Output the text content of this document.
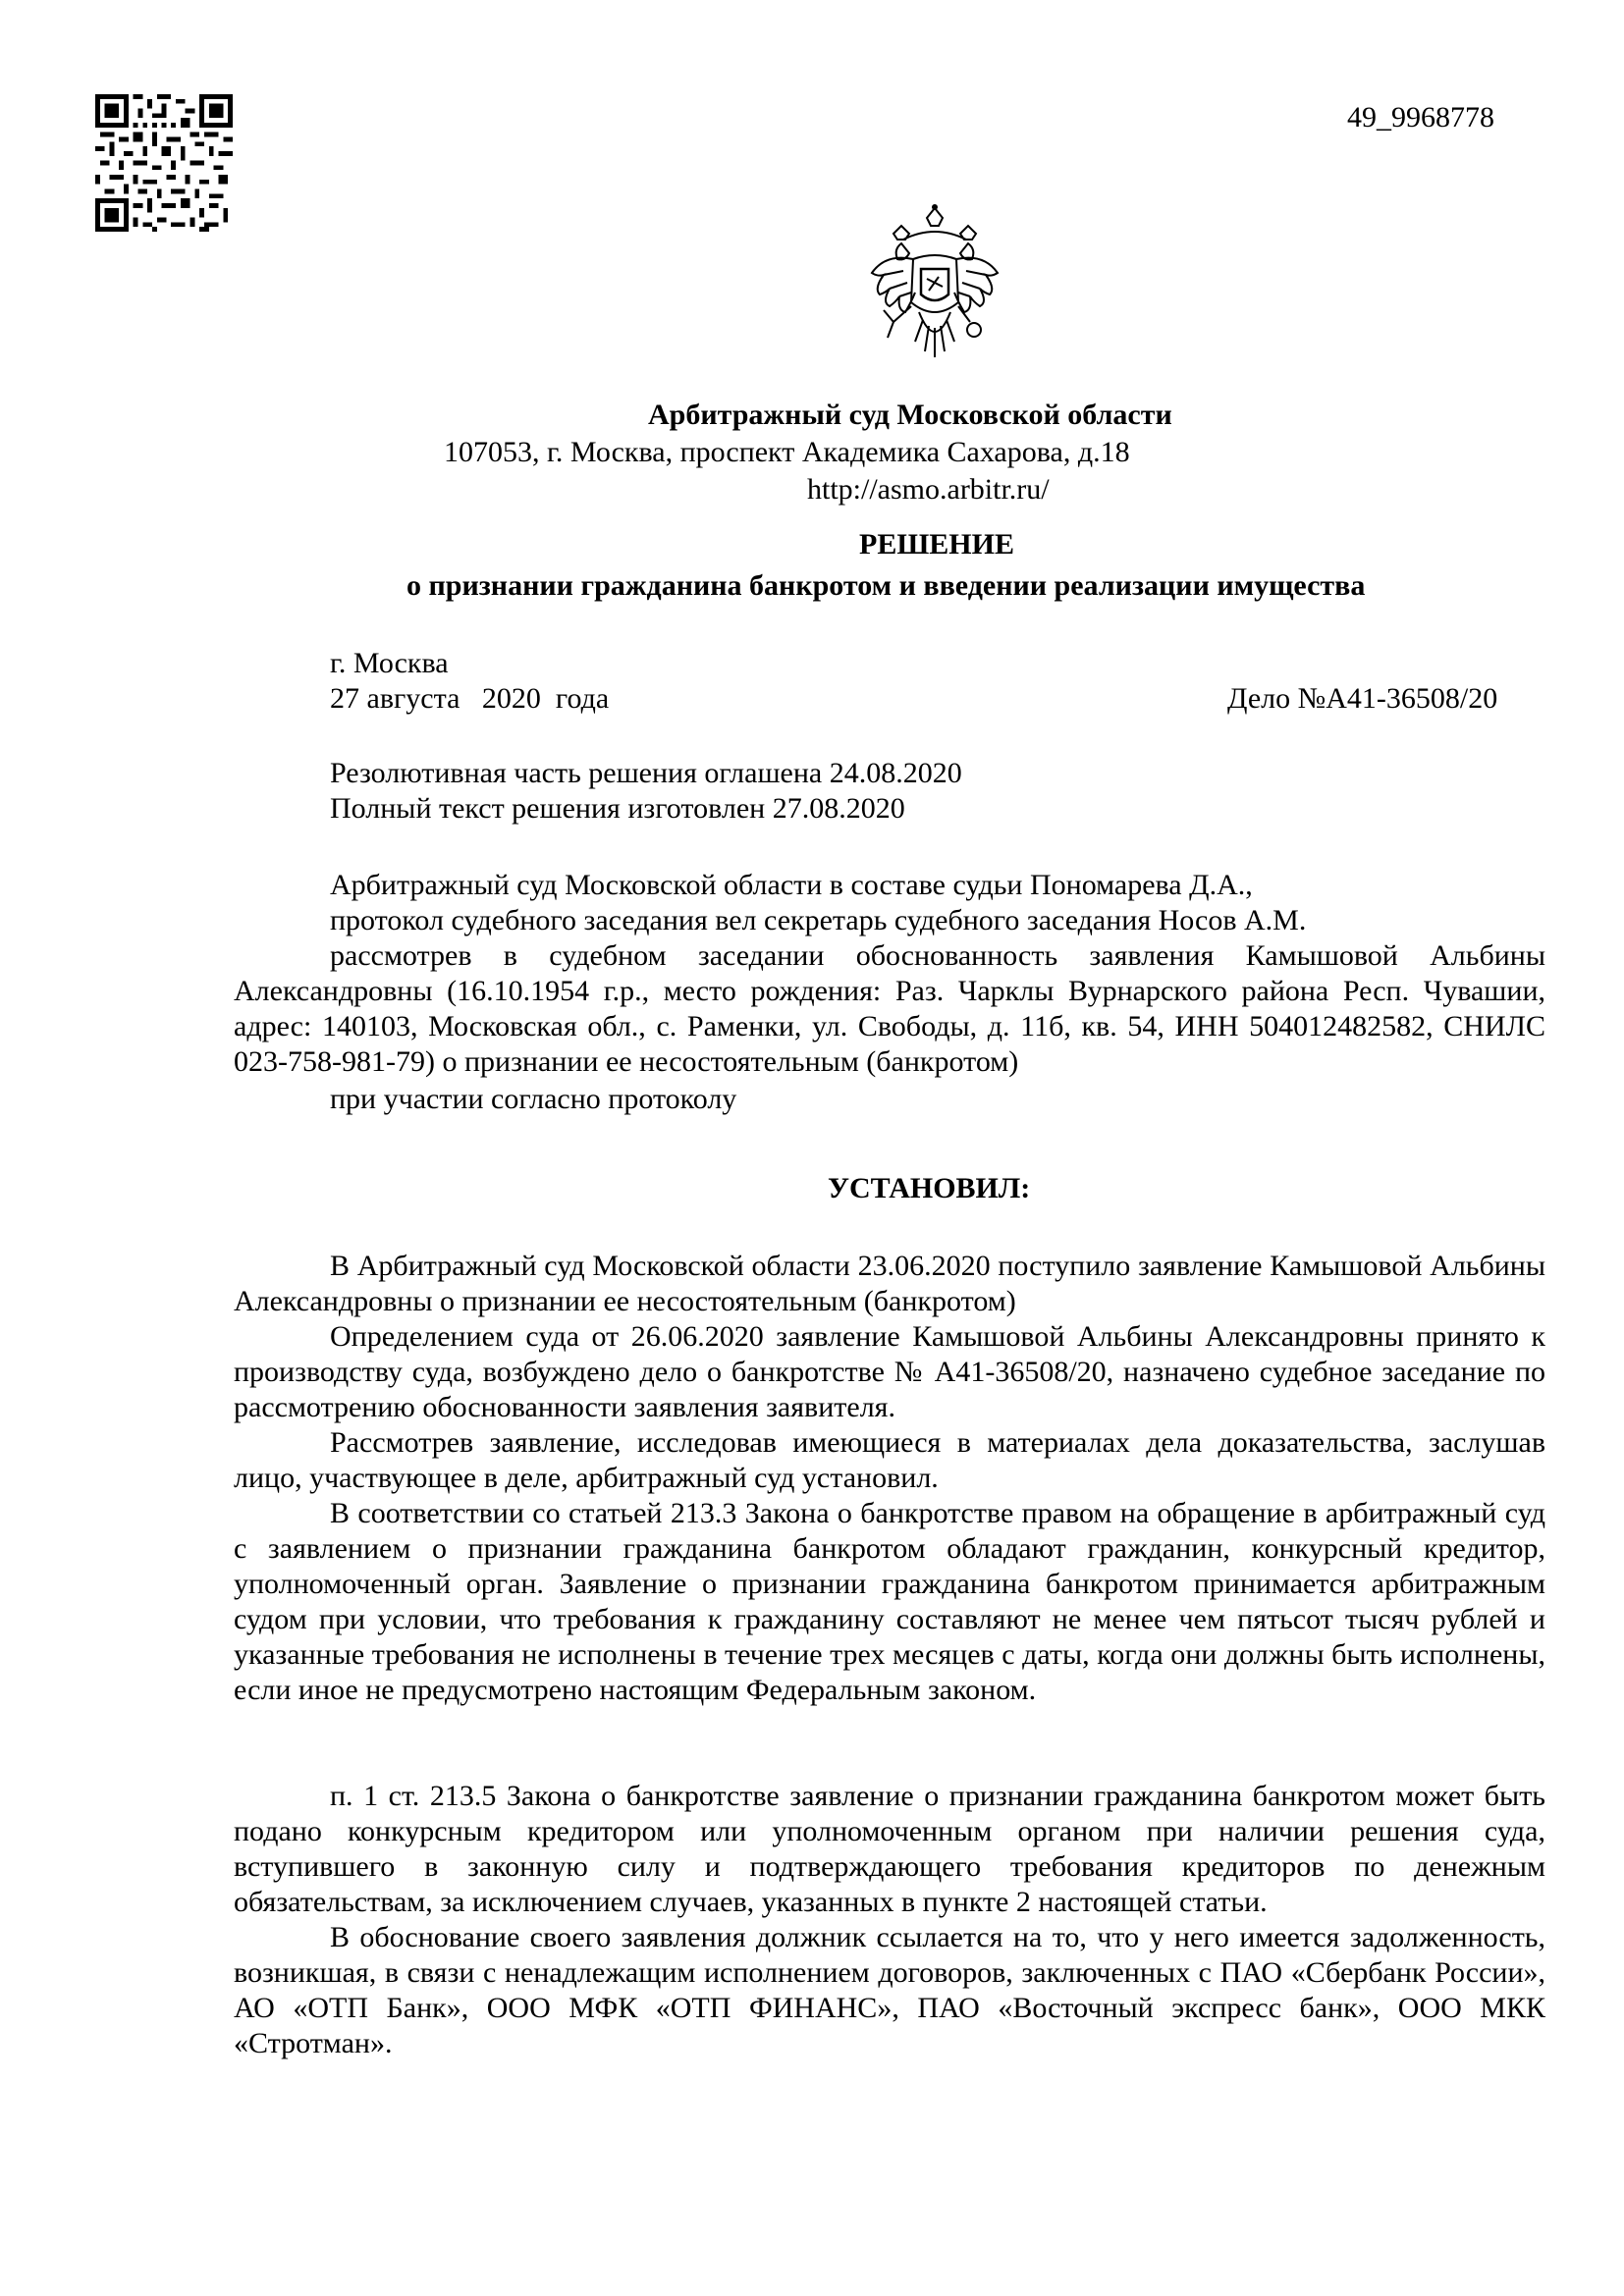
49_9968778
Арбитражный суд Московской области
107053, г. Москва, проспект Академика Сахарова, д.18
http://asmo.arbitr.ru/
РЕШЕНИЕ
о признании гражданина банкротом и введении реализации имущества
г. Москва
27 августа   2020  года	Дело №А41-36508/20
Резолютивная часть решения оглашена 24.08.2020
Полный текст решения изготовлен 27.08.2020
Арбитражный суд Московской области в составе судьи Пономарева Д.А.,
протокол судебного заседания вел секретарь судебного заседания Носов А.М.

рассмотрев в судебном заседании обоснованность заявления Камышовой Альбины Александровны (16.10.1954 г.р., место рождения: Раз. Чарклы Вурнарского района Респ. Чувашии, адрес: 140103, Московская обл., с. Раменки, ул. Свободы, д. 11б, кв. 54, ИНН 504012482582, СНИЛС 023-758-981-79) о признании ее несостоятельным (банкротом)

при участии согласно протоколу
УСТАНОВИЛ:

В Арбитражный суд Московской области 23.06.2020 поступило заявление Камышовой Альбины Александровны о признании ее несостоятельным (банкротом)

Определением суда от 26.06.2020 заявление Камышовой Альбины Александровны принято к производству суда, возбуждено дело о банкротстве № А41-36508/20, назначено судебное заседание по рассмотрению обоснованности заявления заявителя.

Рассмотрев заявление, исследовав имеющиеся в материалах дела доказательства, заслушав лицо, участвующее в деле, арбитражный суд установил.

В соответствии со статьей 213.3 Закона о банкротстве правом на обращение в арбитражный суд с заявлением о признании гражданина банкротом обладают гражданин, конкурсный кредитор, уполномоченный орган. Заявление о признании гражданина банкротом принимается арбитражным судом при условии, что требования к гражданину составляют не менее чем пятьсот тысяч рублей и указанные требования не исполнены в течение трех месяцев с даты, когда они должны быть исполнены, если иное не предусмотрено настоящим Федеральным законом.

п. 1 ст. 213.5 Закона о банкротстве заявление о признании гражданина банкротом может быть подано конкурсным кредитором или уполномоченным органом при наличии решения суда, вступившего в законную силу и подтверждающего требования кредиторов по денежным обязательствам, за исключением случаев, указанных в пункте 2 настоящей статьи.

В обоснование своего заявления должник ссылается на то, что у него имеется задолженность, возникшая, в связи с ненадлежащим исполнением договоров, заключенных с ПАО «Сбербанк России», АО «ОТП Банк», ООО МФК «ОТП ФИНАНС», ПАО «Восточный экспресс банк», ООО МКК «Стротман».
